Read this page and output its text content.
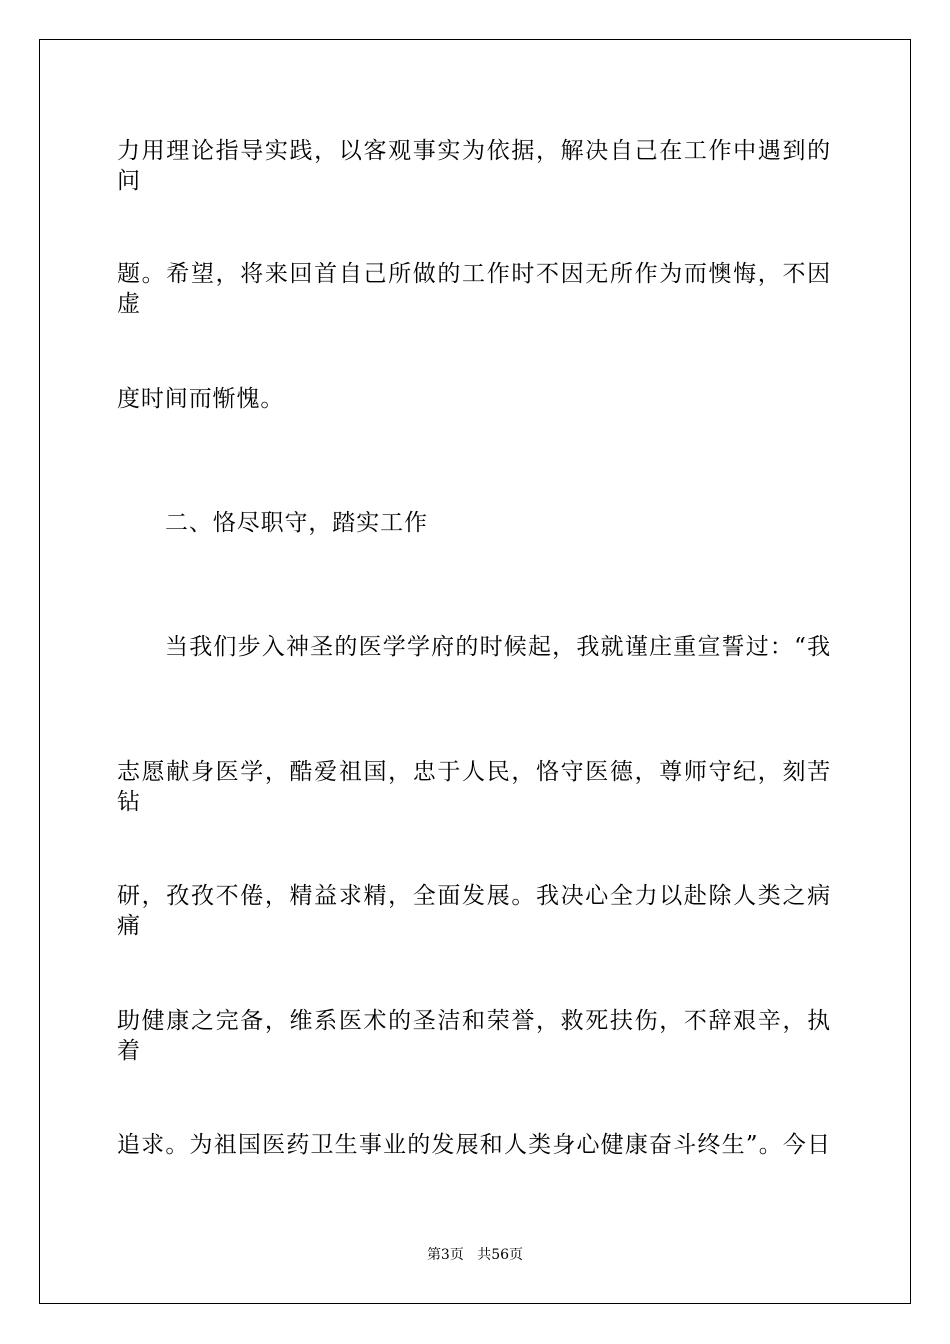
力用理论指导实践，以客观事实为依据，解决自己在工作中遇到的问
题。希望，将来回首自己所做的工作时不因无所作为而懊悔，不因虚
度时间而惭愧。
二、恪尽职守，踏实工作
当我们步入神圣的医学学府的时候起，我就谨庄重宣誓过：“我
志愿献身医学，酷爱祖国，忠于人民，恪守医德，尊师守纪，刻苦钻
研，孜孜不倦，精益求精，全面发展。我决心全力以赴除人类之病痛
助健康之完备，维系医术的圣洁和荣誉，救死扶伤，不辞艰辛，执着
追求。为祖国医药卫生事业的发展和人类身心健康奋斗终生”。今日
第3页 共56页
